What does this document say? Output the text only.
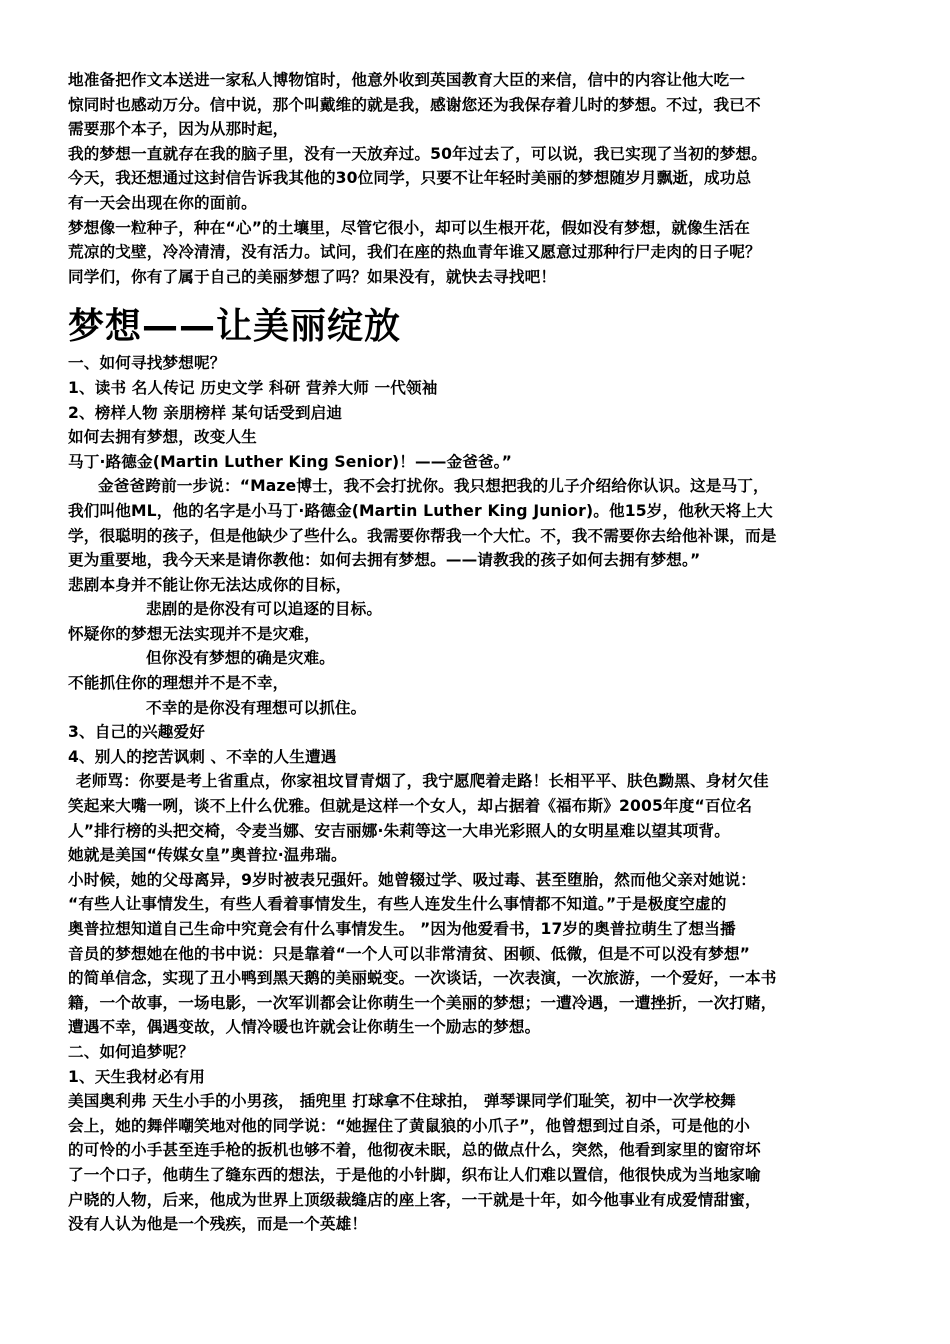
地准备把作文本送进一家私人博物馆时，他意外收到英国教育大臣的来信，信中的内容让他大吃一
惊同时也感动万分。信中说，那个叫戴维的就是我，感谢您还为我保存着儿时的梦想。不过，我已不
需要那个本子，因为从那时起，
我的梦想一直就存在我的脑子里，没有一天放弃过。50年过去了，可以说，我已实现了当初的梦想。
今天，我还想通过这封信告诉我其他的30位同学，只要不让年轻时美丽的梦想随岁月飘逝，成功总
有一天会出现在你的面前。
梦想像一粒种子，种在“心”的土壤里，尽管它很小，却可以生根开花，假如没有梦想，就像生活在
荒凉的戈壁，冷冷清清，没有活力。试问，我们在座的热血青年谁又愿意过那种行尸走肉的日子呢？
同学们，你有了属于自己的美丽梦想了吗？如果没有，就快去寻找吧！
梦想——让美丽绽放
一、如何寻找梦想呢？
1、读书 名人传记 历史文学 科研 营养大师 一代领袖
2、榜样人物 亲朋榜样 某句话受到启迪
如何去拥有梦想，改变人生
马丁·路德金(Martin Luther King Senior)！——金爸爸。”
金爸爸跨前一步说：“Maze博士，我不会打扰你。我只想把我的儿子介绍给你认识。这是马丁，
我们叫他ML，他的名字是小马丁·路德金(Martin Luther King Junior)。他15岁，他秋天将上大
学，很聪明的孩子，但是他缺少了些什么。我需要你帮我一个大忙。不，我不需要你去给他补课，而是
更为重要地，我今天来是请你教他：如何去拥有梦想。——请教我的孩子如何去拥有梦想。”
悲剧本身并不能让你无法达成你的目标，
悲剧的是你没有可以追逐的目标。
怀疑你的梦想无法实现并不是灾难，
但你没有梦想的确是灾难。
不能抓住你的理想并不是不幸，
不幸的是你没有理想可以抓住。
3、自己的兴趣爱好
4、别人的挖苦讽刺 、不幸的人生遭遇
老师骂：你要是考上省重点，你家祖坟冒青烟了，我宁愿爬着走路！长相平平、肤色黝黑、身材欠佳
笑起来大嘴一咧，谈不上什么优雅。但就是这样一个女人，却占据着《福布斯》2005年度“百位名
人”排行榜的头把交椅，令麦当娜、安吉丽娜·朱莉等这一大串光彩照人的女明星难以望其项背。
她就是美国“传媒女皇”奥普拉·温弗瑞。
小时候，她的父母离异，9岁时被表兄强奸。她曾辍过学、吸过毒、甚至堕胎，然而他父亲对她说：
“有些人让事情发生，有些人看着事情发生，有些人连发生什么事情都不知道。”于是极度空虚的
奥普拉想知道自己生命中究竟会有什么事情发生。 ”因为他爱看书，17岁的奥普拉萌生了想当播
音员的梦想她在他的书中说：只是靠着“一个人可以非常清贫、困顿、低微，但是不可以没有梦想”
的简单信念，实现了丑小鸭到黑天鹅的美丽蜕变。一次谈话，一次表演，一次旅游，一个爱好，一本书
籍，一个故事，一场电影，一次军训都会让你萌生一个美丽的梦想；一遭冷遇，一遭挫折，一次打赌，
遭遇不幸，偶遇变故，人情冷暖也许就会让你萌生一个励志的梦想。
二、如何追梦呢？
1、天生我材必有用
美国奥利弗 天生小手的小男孩， 插兜里 打球拿不住球拍， 弹琴课同学们耻笑，初中一次学校舞
会上，她的舞伴嘲笑地对他的同学说：“她握住了黄鼠狼的小爪子”，他曾想到过自杀，可是他的小
的可怜的小手甚至连手枪的扳机也够不着，他彻夜未眠，总的做点什么，突然，他看到家里的窗帘坏
了一个口子，他萌生了缝东西的想法，于是他的小针脚，织布让人们难以置信，他很快成为当地家喻
户晓的人物，后来，他成为世界上顶级裁缝店的座上客，一干就是十年，如今他事业有成爱情甜蜜，
没有人认为他是一个残疾，而是一个英雄！
